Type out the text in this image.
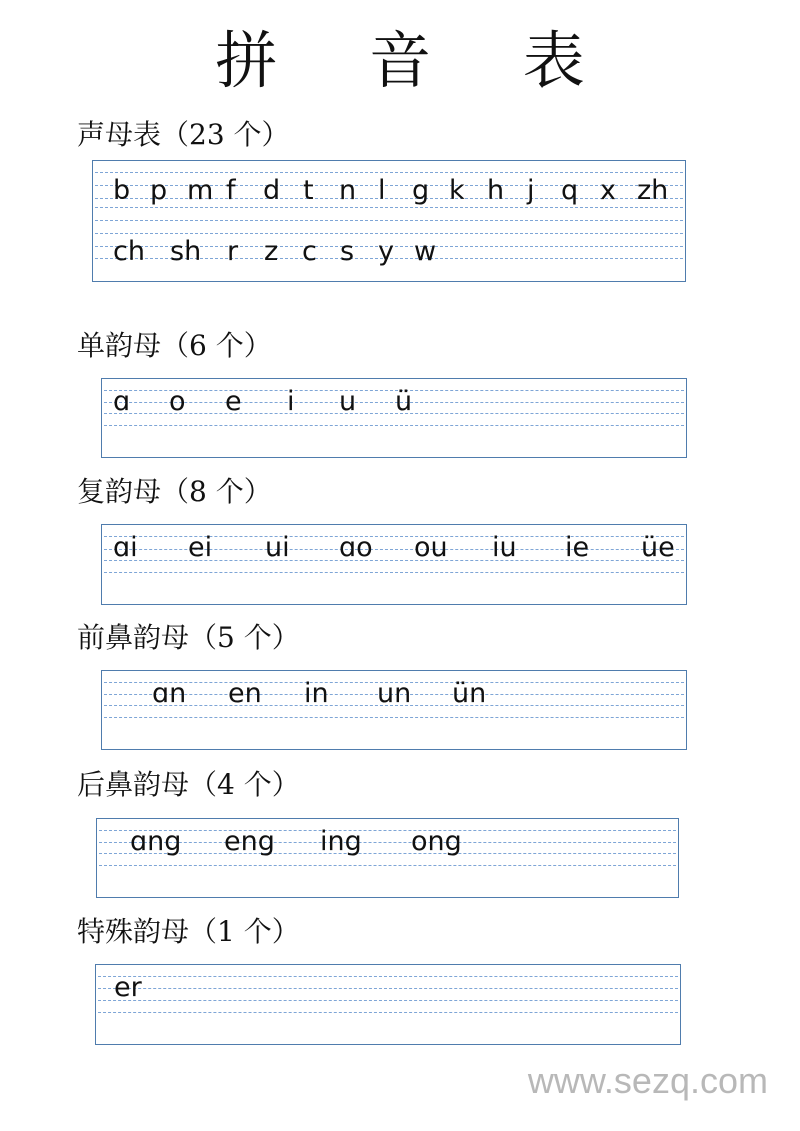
拼 音 表
声母表（23 个）
b p m f d t n l g k h j q x zh
ch sh r z c s y w
单韵母（6 个）
ɑ o e i u ü
复韵母（8 个）
ɑi ei ui ɑo ou iu ie üe
前鼻韵母（5 个）
ɑn en in un ün
后鼻韵母（4 个）
ɑng eng ing ong
特殊韵母（1 个）
er
www.sezq.com
